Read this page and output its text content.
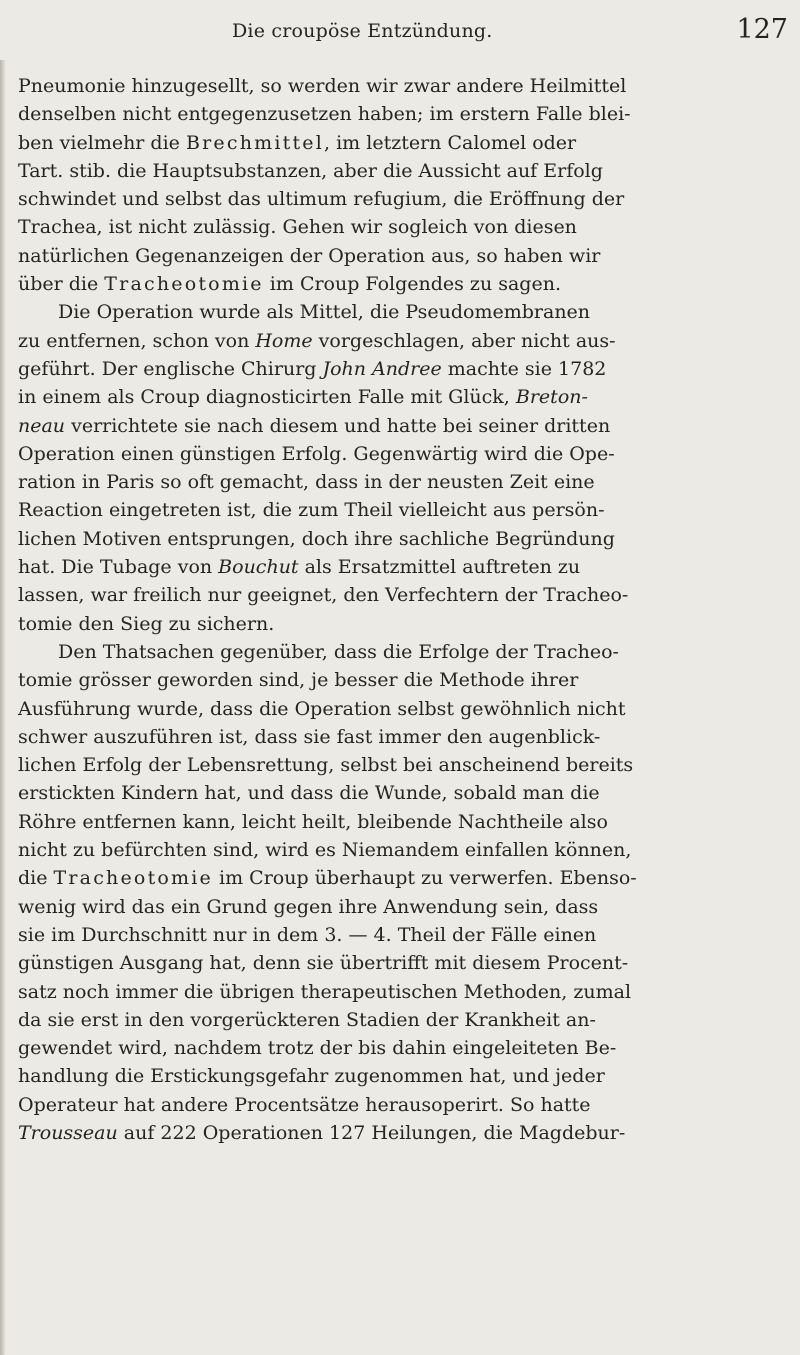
Die croupöse Entzündung.	127
Pneumonie hinzugesellt, so werden wir zwar andere Heilmittel
denselben nicht entgegenzusetzen haben; im erstern Falle blei-
ben vielmehr die Brechmittel, im letztern Calomel oder
Tart. stib. die Hauptsubstanzen, aber die Aussicht auf Erfolg
schwindet und selbst das ultimum refugium, die Eröffnung der
Trachea, ist nicht zulässig. Gehen wir sogleich von diesen
natürlichen Gegenanzeigen der Operation aus, so haben wir
über die Tracheotomie im Croup Folgendes zu sagen.
Die Operation wurde als Mittel, die Pseudomembranen
zu entfernen, schon von Home vorgeschlagen, aber nicht aus-
geführt. Der englische Chirurg John Andree machte sie 1782
in einem als Croup diagnosticirten Falle mit Glück, Breton-
neau verrichtete sie nach diesem und hatte bei seiner dritten
Operation einen günstigen Erfolg. Gegenwärtig wird die Ope-
ration in Paris so oft gemacht, dass in der neusten Zeit eine
Reaction eingetreten ist, die zum Theil vielleicht aus persön-
lichen Motiven entsprungen, doch ihre sachliche Begründung
hat. Die Tubage von Bouchut als Ersatzmittel auftreten zu
lassen, war freilich nur geeignet, den Verfechtern der Tracheo-
tomie den Sieg zu sichern.
Den Thatsachen gegenüber, dass die Erfolge der Tracheo-
tomie grösser geworden sind, je besser die Methode ihrer
Ausführung wurde, dass die Operation selbst gewöhnlich nicht
schwer auszuführen ist, dass sie fast immer den augenblick-
lichen Erfolg der Lebensrettung, selbst bei anscheinend bereits
erstickten Kindern hat, und dass die Wunde, sobald man die
Röhre entfernen kann, leicht heilt, bleibende Nachtheile also
nicht zu befürchten sind, wird es Niemandem einfallen können,
die Tracheotomie im Croup überhaupt zu verwerfen. Ebenso-
wenig wird das ein Grund gegen ihre Anwendung sein, dass
sie im Durchschnitt nur in dem 3. — 4. Theil der Fälle einen
günstigen Ausgang hat, denn sie übertrifft mit diesem Procent-
satz noch immer die übrigen therapeutischen Methoden, zumal
da sie erst in den vorgerückteren Stadien der Krankheit an-
gewendet wird, nachdem trotz der bis dahin eingeleiteten Be-
handlung die Erstickungsgefahr zugenommen hat, und jeder
Operateur hat andere Procentsätze herausoperirt. So hatte
Trousseau auf 222 Operationen 127 Heilungen, die Magdebur-
